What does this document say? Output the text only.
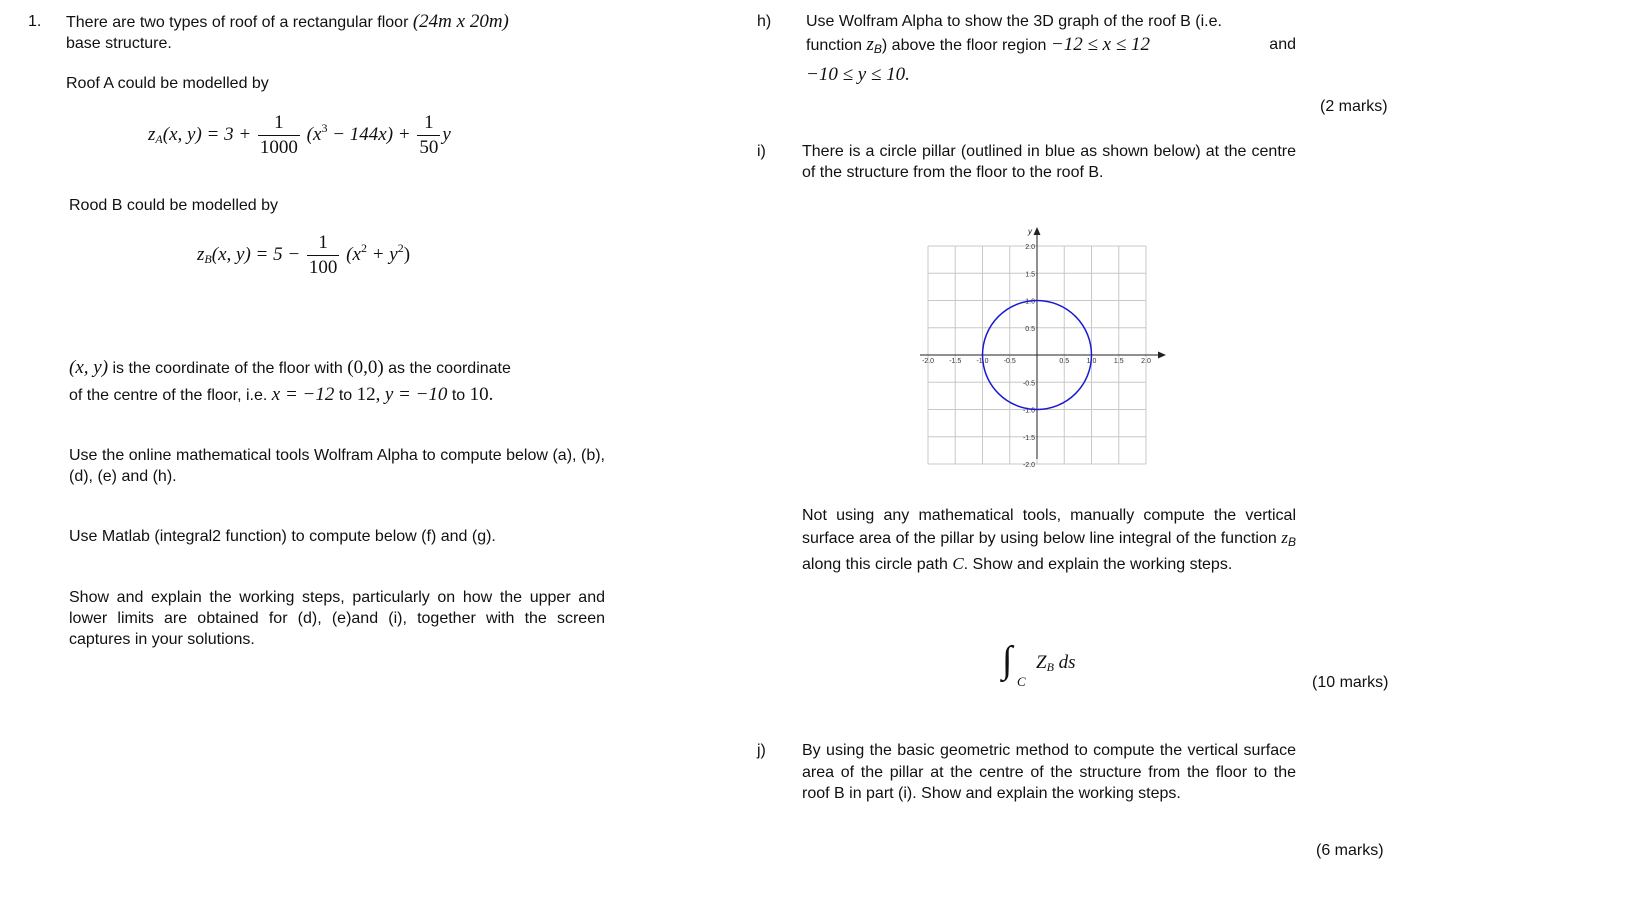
1. There are two types of roof of a rectangular floor (24m x 20m)
base structure.
Roof A could be modelled by
$z_A(x$, $y) = 3 + \frac{1}{1000} (x^3 - 144x) + \frac{1}{50}$ y
Rood B could be modelled by
$z_B(x$, $y) = 5 - \frac{1}{100} (x^2 + y^2)$
(x, y) is the coordinate of the floor with (0,0) as the coordinate
of the centre of the floor, i.e. x = −12 to 12, y = −10 to 10.
Use the online mathematical tools Wolfram Alpha to compute below (a), (b), (d), (e) and (h).
Use Matlab (integral2 function) to compute below (f) and (g).
Show and explain the working steps, particularly on how the upper and lower limits are obtained for (d), (e)and (i), together with the screen captures in your solutions.
h) Use Wolfram Alpha to show the 3D graph of the roof B (i.e.
function $z_B$) above the floor region −12 ≤ x ≤ 12	and
−10 ≤ y ≤ 10.
(2 marks)
i) There is a circle pillar (outlined in blue as shown below) at the centre of the structure from the floor to the roof B.
y
-2.0 -1.5 -1.0 -0.5	0.5	1.0	1.5	2.0
2.0
1.5
1.0
0.5
-0.5
-1.0
-1.5
-2.0
Not using any mathematical tools, manually compute the vertical surface area of the pillar by using below line integral of the function $z_B$ along this circle path C. Show and explain the working steps.
∫
C
$Z_B$ ds
(10 marks)
j) By using the basic geometric method to compute the vertical surface area of the pillar at the centre of the structure from the floor to the roof B in part (i). Show and explain the working steps.
(6 marks)
